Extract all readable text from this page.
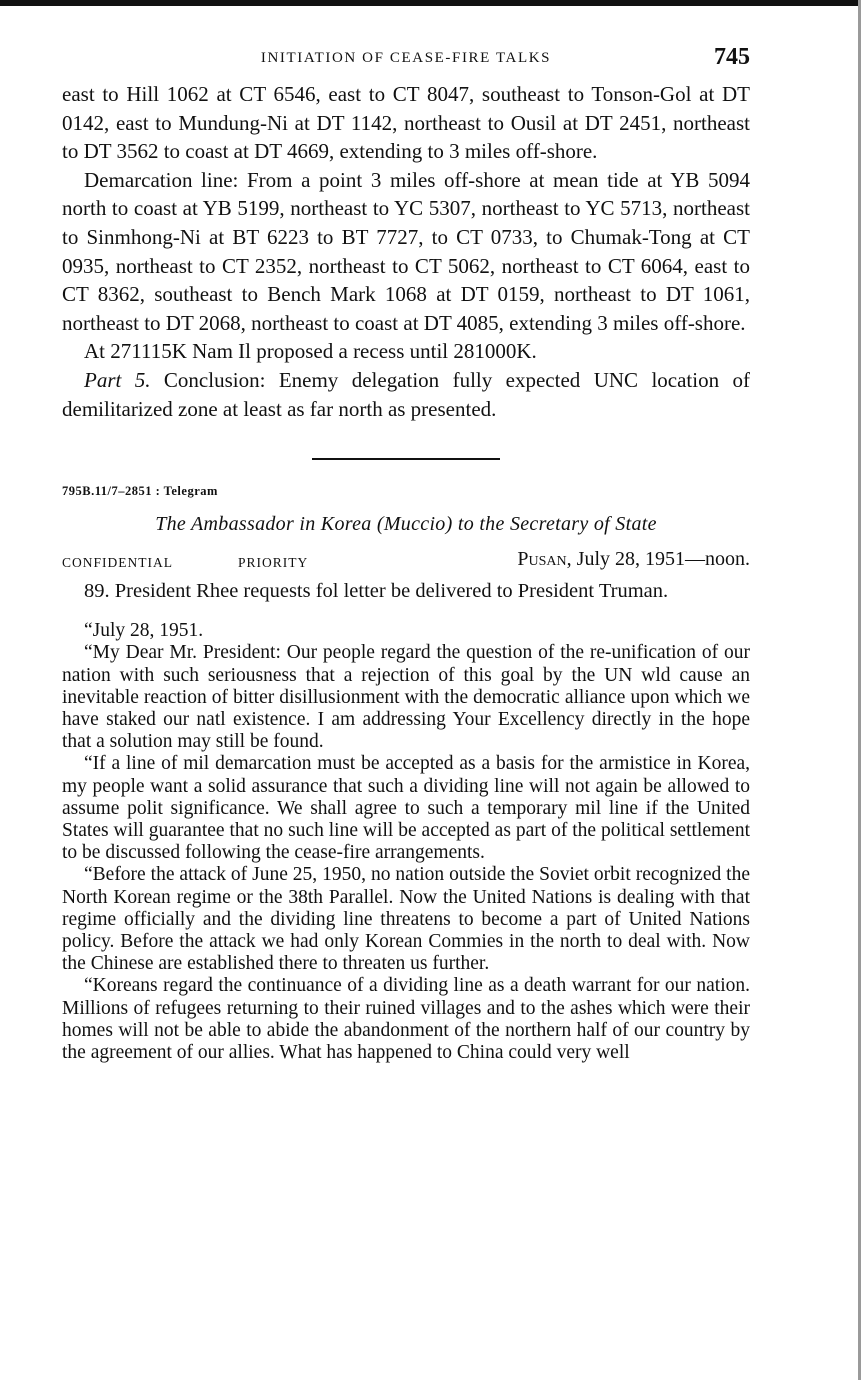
INITIATION OF CEASE-FIRE TALKS	745

east to Hill 1062 at CT 6546, east to CT 8047, southeast to Tonson-Gol at DT 0142, east to Mundung-Ni at DT 1142, northeast to Ousil at DT 2451, northeast to DT 3562 to coast at DT 4669, extending to 3 miles off-shore.

Demarcation line: From a point 3 miles off-shore at mean tide at YB 5094 north to coast at YB 5199, northeast to YC 5307, northeast to YC 5713, northeast to Sinmhong-Ni at BT 6223 to BT 7727, to CT 0733, to Chumak-Tong at CT 0935, northeast to CT 2352, northeast to CT 5062, northeast to CT 6064, east to CT 8362, southeast to Bench Mark 1068 at DT 0159, northeast to DT 1061, northeast to DT 2068, northeast to coast at DT 4085, extending 3 miles off-shore.

At 271115K Nam Il proposed a recess until 281000K.

Part 5. Conclusion: Enemy delegation fully expected UNC location of demilitarized zone at least as far north as presented.

795B.11/7–2851 : Telegram
The Ambassador in Korea (Muccio) to the Secretary of State
CONFIDENTIAL	PRIORITY	Pusan, July 28, 1951—noon.

89. President Rhee requests fol letter be delivered to President Truman.

“July 28, 1951.

“My Dear Mr. President: Our people regard the question of the re-unification of our nation with such seriousness that a rejection of this goal by the UN wld cause an inevitable reaction of bitter disillusionment with the democratic alliance upon which we have staked our natl existence. I am addressing Your Excellency directly in the hope that a solution may still be found.

“If a line of mil demarcation must be accepted as a basis for the armistice in Korea, my people want a solid assurance that such a dividing line will not again be allowed to assume polit significance. We shall agree to such a temporary mil line if the United States will guarantee that no such line will be accepted as part of the political settlement to be discussed following the cease-fire arrangements.

“Before the attack of June 25, 1950, no nation outside the Soviet orbit recognized the North Korean regime or the 38th Parallel. Now the United Nations is dealing with that regime officially and the dividing line threatens to become a part of United Nations policy. Before the attack we had only Korean Commies in the north to deal with. Now the Chinese are established there to threaten us further.

“Koreans regard the continuance of a dividing line as a death warrant for our nation. Millions of refugees returning to their ruined villages and to the ashes which were their homes will not be able to abide the abandonment of the northern half of our country by the agreement of our allies. What has happened to China could very well
